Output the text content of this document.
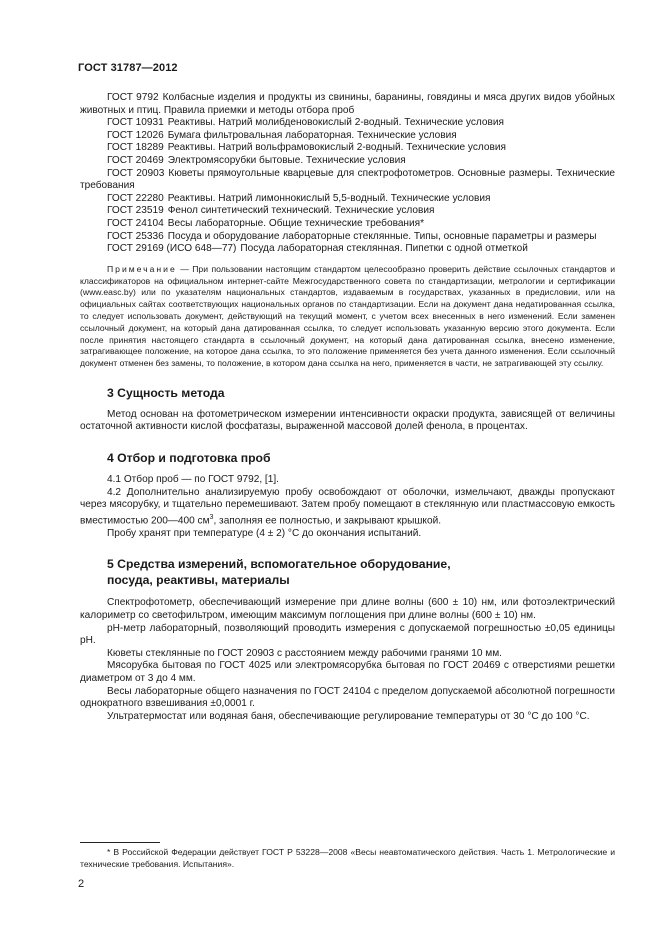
ГОСТ 31787—2012

ГОСТ 9792 Колбасные изделия и продукты из свинины, баранины, говядины и мяса других видов убойных животных и птиц. Правила приемки и методы отбора проб

ГОСТ 10931 Реактивы. Натрий молибденовокислый 2-водный. Технические условия

ГОСТ 12026 Бумага фильтровальная лабораторная. Технические условия

ГОСТ 18289 Реактивы. Натрий вольфрамовокислый 2-водный. Технические условия

ГОСТ 20469 Электромясорубки бытовые. Технические условия

ГОСТ 20903 Кюветы прямоугольные кварцевые для спектрофотометров. Основные размеры. Технические требования

ГОСТ 22280 Реактивы. Натрий лимоннокислый 5,5-водный. Технические условия

ГОСТ 23519 Фенол синтетический технический. Технические условия

ГОСТ 24104 Весы лабораторные. Общие технические требования*

ГОСТ 25336 Посуда и оборудование лабораторные стеклянные. Типы, основные параметры и размеры

ГОСТ 29169 (ИСО 648—77) Посуда лабораторная стеклянная. Пипетки с одной отметкой

Примечание — При пользовании настоящим стандартом целесообразно проверить действие ссылочных стандартов и классификаторов на официальном интернет-сайте Межгосударственного совета по стандартизации, метрологии и сертификации (www.easc.by) или по указателям национальных стандартов, издаваемым в государствах, указанных в предисловии, или на официальных сайтах соответствующих национальных органов по стандартизации. Если на документ дана недатированная ссылка, то следует использовать документ, действующий на текущий момент, с учетом всех внесенных в него изменений. Если заменен ссылочный документ, на который дана датированная ссылка, то следует использовать указанную версию этого документа. Если после принятия настоящего стандарта в ссылочный документ, на который дана датированная ссылка, внесено изменение, затрагивающее положение, на которое дана ссылка, то это положение применяется без учета данного изменения. Если ссылочный документ отменен без замены, то положение, в котором дана ссылка на него, применяется в части, не затрагивающей эту ссылку.

3 Сущность метода

Метод основан на фотометрическом измерении интенсивности окраски продукта, зависящей от величины остаточной активности кислой фосфатазы, выраженной массовой долей фенола, в процентах.

4 Отбор и подготовка проб

4.1 Отбор проб — по ГОСТ 9792, [1].

4.2 Дополнительно анализируемую пробу освобождают от оболочки, измельчают, дважды пропускают через мясорубку, и тщательно перемешивают. Затем пробу помещают в стеклянную или пластмассовую емкость вместимостью 200—400 $см^3$, заполняя ее полностью, и закрывают крышкой.

Пробу хранят при температуре (4 ± 2) °С до окончания испытаний.

5 Средства измерений, вспомогательное оборудование,

посуда, реактивы, материалы

Спектрофотометр, обеспечивающий измерение при длине волны (600 ± 10) нм, или фотоэлектрический калориметр со светофильтром, имеющим максимум поглощения при длине волны (600 ± 10) нм.

рН-метр лабораторный, позволяющий проводить измерения с допускаемой погрешностью ±0,05 единицы рН.

Кюветы стеклянные по ГОСТ 20903 с расстоянием между рабочими гранями 10 мм.

Мясорубка бытовая по ГОСТ 4025 или электромясорубка бытовая по ГОСТ 20469 с отверстиями решетки диаметром от 3 до 4 мм.

Весы лабораторные общего назначения по ГОСТ 24104 с пределом допускаемой абсолютной погрешности однократного взвешивания ±0,0001 г.

Ультратермостат или водяная баня, обеспечивающие регулирование температуры от 30 °С до 100 °С.

* В Российской Федерации действует ГОСТ Р 53228—2008 «Весы неавтоматического действия. Часть 1. Метрологические и технические требования. Испытания».

2
